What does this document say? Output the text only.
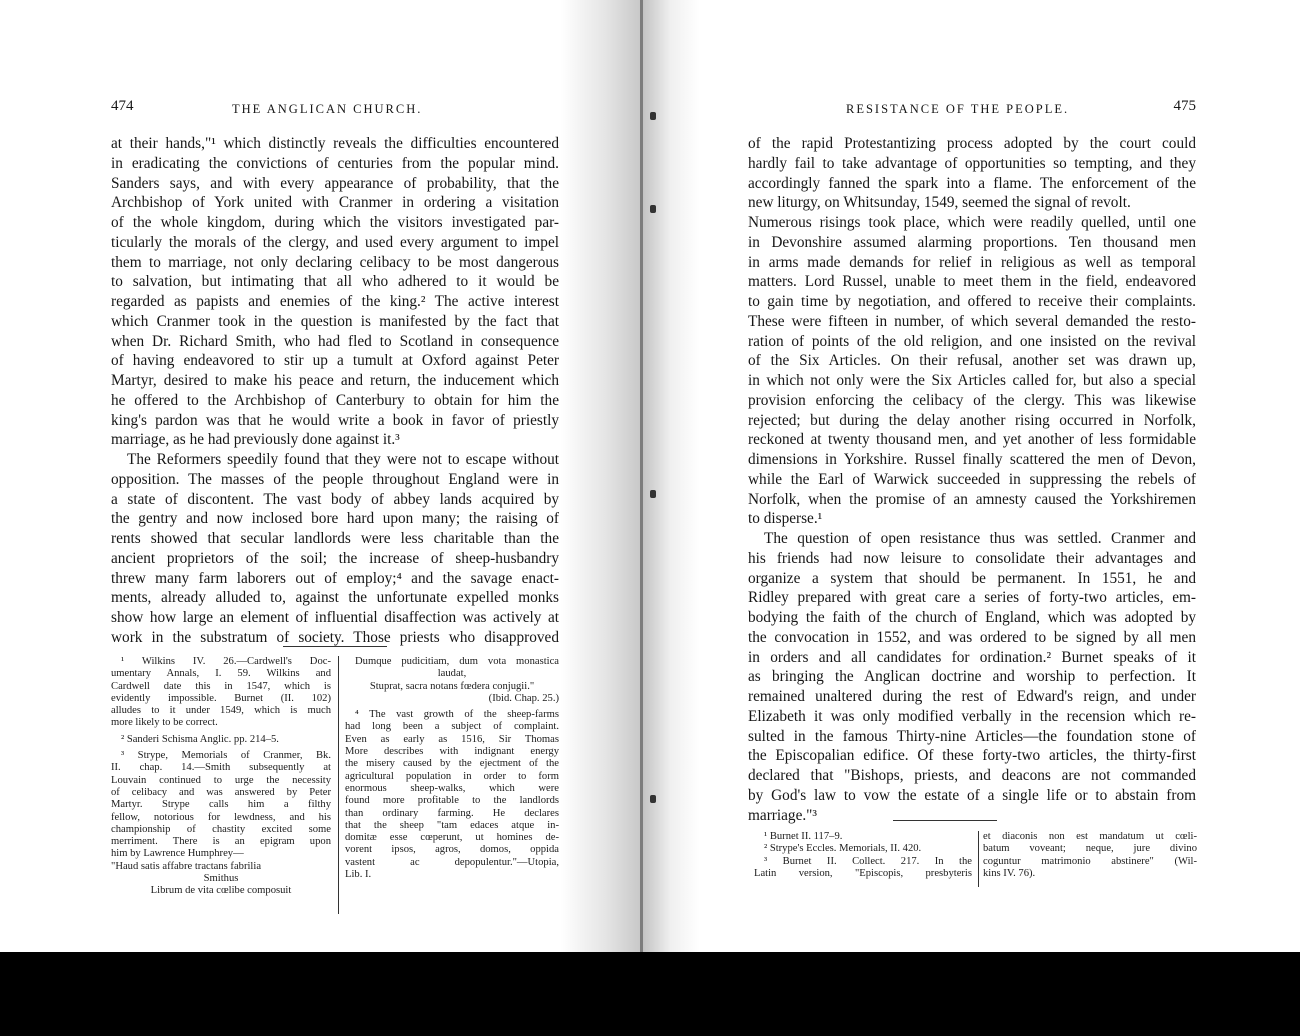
474	THE ANGLICAN CHURCH.
at their hands,"¹ which distinctly reveals the difficulties encountered
in eradicating the convictions of centuries from the popular mind.
Sanders says, and with every appearance of probability, that the
Archbishop of York united with Cranmer in ordering a visitation
of the whole kingdom, during which the visitors investigated par-
ticularly the morals of the clergy, and used every argument to impel
them to marriage, not only declaring celibacy to be most dangerous
to salvation, but intimating that all who adhered to it would be
regarded as papists and enemies of the king.² The active interest
which Cranmer took in the question is manifested by the fact that
when Dr. Richard Smith, who had fled to Scotland in consequence
of having endeavored to stir up a tumult at Oxford against Peter
Martyr, desired to make his peace and return, the inducement which
he offered to the Archbishop of Canterbury to obtain for him the
king's pardon was that he would write a book in favor of priestly
marriage, as he had previously done against it.³
The Reformers speedily found that they were not to escape without
opposition. The masses of the people throughout England were in
a state of discontent. The vast body of abbey lands acquired by
the gentry and now inclosed bore hard upon many; the raising of
rents showed that secular landlords were less charitable than the
ancient proprietors of the soil; the increase of sheep-husbandry
threw many farm laborers out of employ;⁴ and the savage enact-
ments, already alluded to, against the unfortunate expelled monks
show how large an element of influential disaffection was actively at
work in the substratum of society. Those priests who disapproved
¹ Wilkins IV. 26.—Cardwell's Doc-
umentary Annals, I. 59. Wilkins and
Cardwell date this in 1547, which is
evidently impossible. Burnet (II. 102)
alludes to it under 1549, which is much
more likely to be correct.
² Sanderi Schisma Anglic. pp. 214–5.
³ Strype, Memorials of Cranmer, Bk.
II. chap. 14.—Smith subsequently at
Louvain continued to urge the necessity
of celibacy and was answered by Peter
Martyr. Strype calls him a filthy
fellow, notorious for lewdness, and his
championship of chastity excited some
merriment. There is an epigram upon
him by Lawrence Humphrey—
"Haud satis affabre tractans fabrilia
Smithus
Librum de vita cœlibe composuit
Dumque pudicitiam, dum vota monastica
laudat,
Stuprat, sacra notans fœdera conjugii."
(Ibid. Chap. 25.)
⁴ The vast growth of the sheep-farms
had long been a subject of complaint.
Even as early as 1516, Sir Thomas
More describes with indignant energy
the misery caused by the ejectment of the
agricultural population in order to form
enormous sheep-walks, which were
found more profitable to the landlords
than ordinary farming. He declares
that the sheep "tam edaces atque in-
domitæ esse cœperunt, ut homines de-
vorent ipsos, agros, domos, oppida
vastent ac depopulentur."—Utopia,
Lib. I.
RESISTANCE OF THE PEOPLE.	475
of the rapid Protestantizing process adopted by the court could
hardly fail to take advantage of opportunities so tempting, and they
accordingly fanned the spark into a flame. The enforcement of the
new liturgy, on Whitsunday, 1549, seemed the signal of revolt.
Numerous risings took place, which were readily quelled, until one
in Devonshire assumed alarming proportions. Ten thousand men
in arms made demands for relief in religious as well as temporal
matters. Lord Russel, unable to meet them in the field, endeavored
to gain time by negotiation, and offered to receive their complaints.
These were fifteen in number, of which several demanded the resto-
ration of points of the old religion, and one insisted on the revival
of the Six Articles. On their refusal, another set was drawn up,
in which not only were the Six Articles called for, but also a special
provision enforcing the celibacy of the clergy. This was likewise
rejected; but during the delay another rising occurred in Norfolk,
reckoned at twenty thousand men, and yet another of less formidable
dimensions in Yorkshire. Russel finally scattered the men of Devon,
while the Earl of Warwick succeeded in suppressing the rebels of
Norfolk, when the promise of an amnesty caused the Yorkshiremen
to disperse.¹
The question of open resistance thus was settled. Cranmer and
his friends had now leisure to consolidate their advantages and
organize a system that should be permanent. In 1551, he and
Ridley prepared with great care a series of forty-two articles, em-
bodying the faith of the church of England, which was adopted by
the convocation in 1552, and was ordered to be signed by all men
in orders and all candidates for ordination.² Burnet speaks of it
as bringing the Anglican doctrine and worship to perfection. It
remained unaltered during the rest of Edward's reign, and under
Elizabeth it was only modified verbally in the recension which re-
sulted in the famous Thirty-nine Articles—the foundation stone of
the Episcopalian edifice. Of these forty-two articles, the thirty-first
declared that "Bishops, priests, and deacons are not commanded
by God's law to vow the estate of a single life or to abstain from
marriage."³
¹ Burnet II. 117–9.
² Strype's Eccles. Memorials, II. 420.
³ Burnet II. Collect. 217. In the
Latin version, "Episcopis, presbyteris
et diaconis non est mandatum ut cœli-
batum voveant; neque, jure divino
coguntur matrimonio abstinere" (Wil-
kins IV. 76).
